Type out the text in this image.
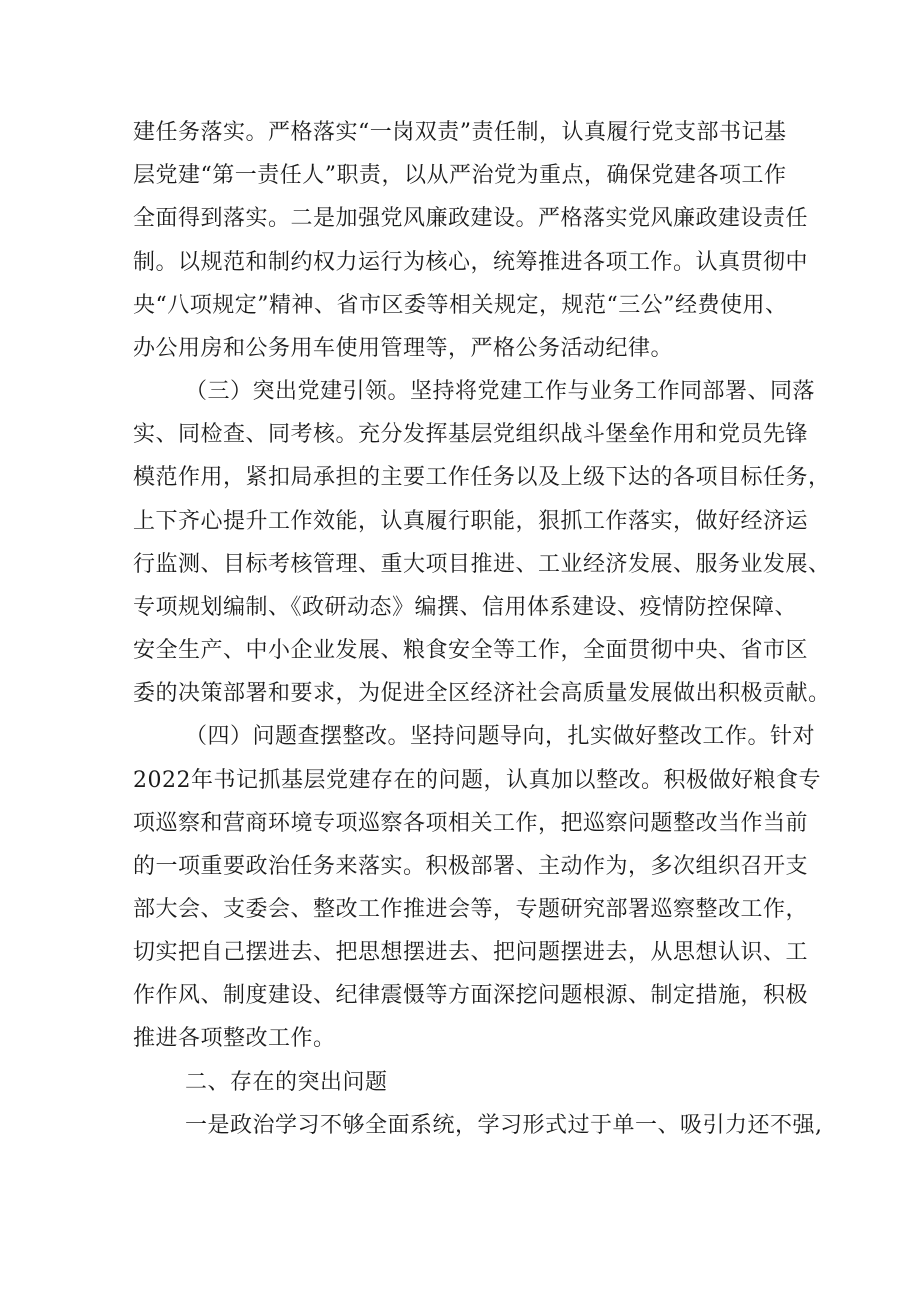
建任务落实。严格落实“一岗双责”责任制，认真履行党支部书记基
层党建“第一责任人”职责，以从严治党为重点，确保党建各项工作
全面得到落实。二是加强党风廉政建设。严格落实党风廉政建设责任
制。以规范和制约权力运行为核心，统筹推进各项工作。认真贯彻中
央“八项规定”精神、省市区委等相关规定，规范“三公”经费使用、
办公用房和公务用车使用管理等，严格公务活动纪律。
（三）突出党建引领。坚持将党建工作与业务工作同部署、同落
实、同检查、同考核。充分发挥基层党组织战斗堡垒作用和党员先锋
模范作用，紧扣局承担的主要工作任务以及上级下达的各项目标任务，
上下齐心提升工作效能，认真履行职能，狠抓工作落实，做好经济运
行监测、目标考核管理、重大项目推进、工业经济发展、服务业发展、
专项规划编制、《政研动态》编撰、信用体系建设、疫情防控保障、
安全生产、中小企业发展、粮食安全等工作，全面贯彻中央、省市区
委的决策部署和要求，为促进全区经济社会高质量发展做出积极贡献。
（四）问题查摆整改。坚持问题导向，扎实做好整改工作。针对
2022年书记抓基层党建存在的问题，认真加以整改。积极做好粮食专
项巡察和营商环境专项巡察各项相关工作，把巡察问题整改当作当前
的一项重要政治任务来落实。积极部署、主动作为，多次组织召开支
部大会、支委会、整改工作推进会等，专题研究部署巡察整改工作，
切实把自己摆进去、把思想摆进去、把问题摆进去，从思想认识、工
作作风、制度建设、纪律震慑等方面深挖问题根源、制定措施，积极
推进各项整改工作。
二、存在的突出问题
一是政治学习不够全面系统，学习形式过于单一、吸引力还不强,
